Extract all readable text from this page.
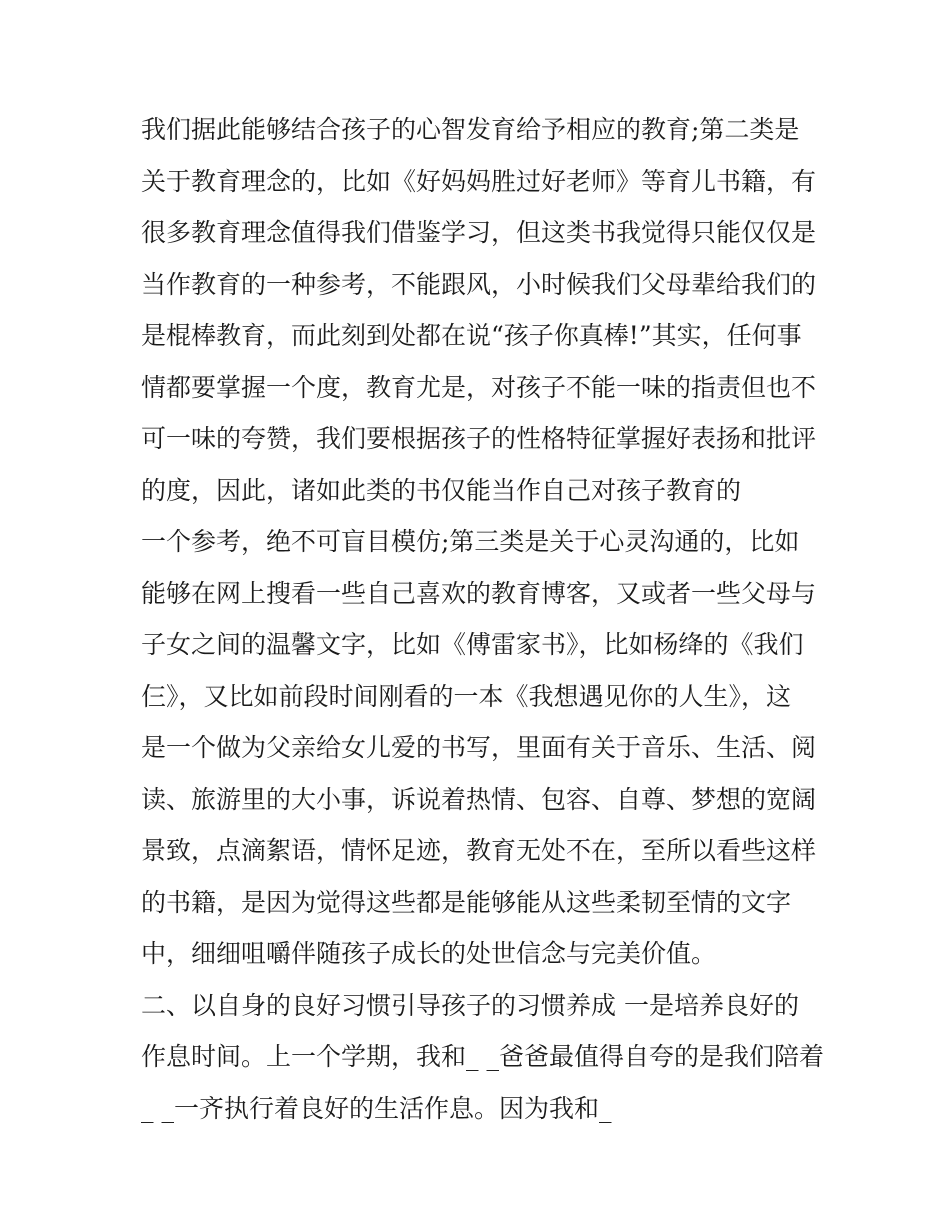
我们据此能够结合孩子的心智发育给予相应的教育;第二类是
关于教育理念的，比如《好妈妈胜过好老师》等育儿书籍，有
很多教育理念值得我们借鉴学习，但这类书我觉得只能仅仅是
当作教育的一种参考，不能跟风，小时候我们父母辈给我们的
是棍棒教育，而此刻到处都在说“孩子你真棒!”其实，任何事
情都要掌握一个度，教育尤是，对孩子不能一味的指责但也不
可一味的夸赞，我们要根据孩子的性格特征掌握好表扬和批评
的度，因此，诸如此类的书仅能当作自己对孩子教育的
一个参考，绝不可盲目模仿;第三类是关于心灵沟通的，比如
能够在网上搜看一些自己喜欢的教育博客，又或者一些父母与
子女之间的温馨文字，比如《傅雷家书》，比如杨绛的《我们
仨》，又比如前段时间刚看的一本《我想遇见你的人生》，这
是一个做为父亲给女儿爱的书写，里面有关于音乐、生活、阅
读、旅游里的大小事，诉说着热情、包容、自尊、梦想的宽阔
景致，点滴絮语，情怀足迹，教育无处不在，至所以看些这样
的书籍，是因为觉得这些都是能够能从这些柔韧至情的文字
中，细细咀嚼伴随孩子成长的处世信念与完美价值。
二、以自身的良好习惯引导孩子的习惯养成 一是培养良好的
作息时间。上一个学期，我和_ _爸爸最值得自夸的是我们陪着
_ _一齐执行着良好的生活作息。因为我和_
